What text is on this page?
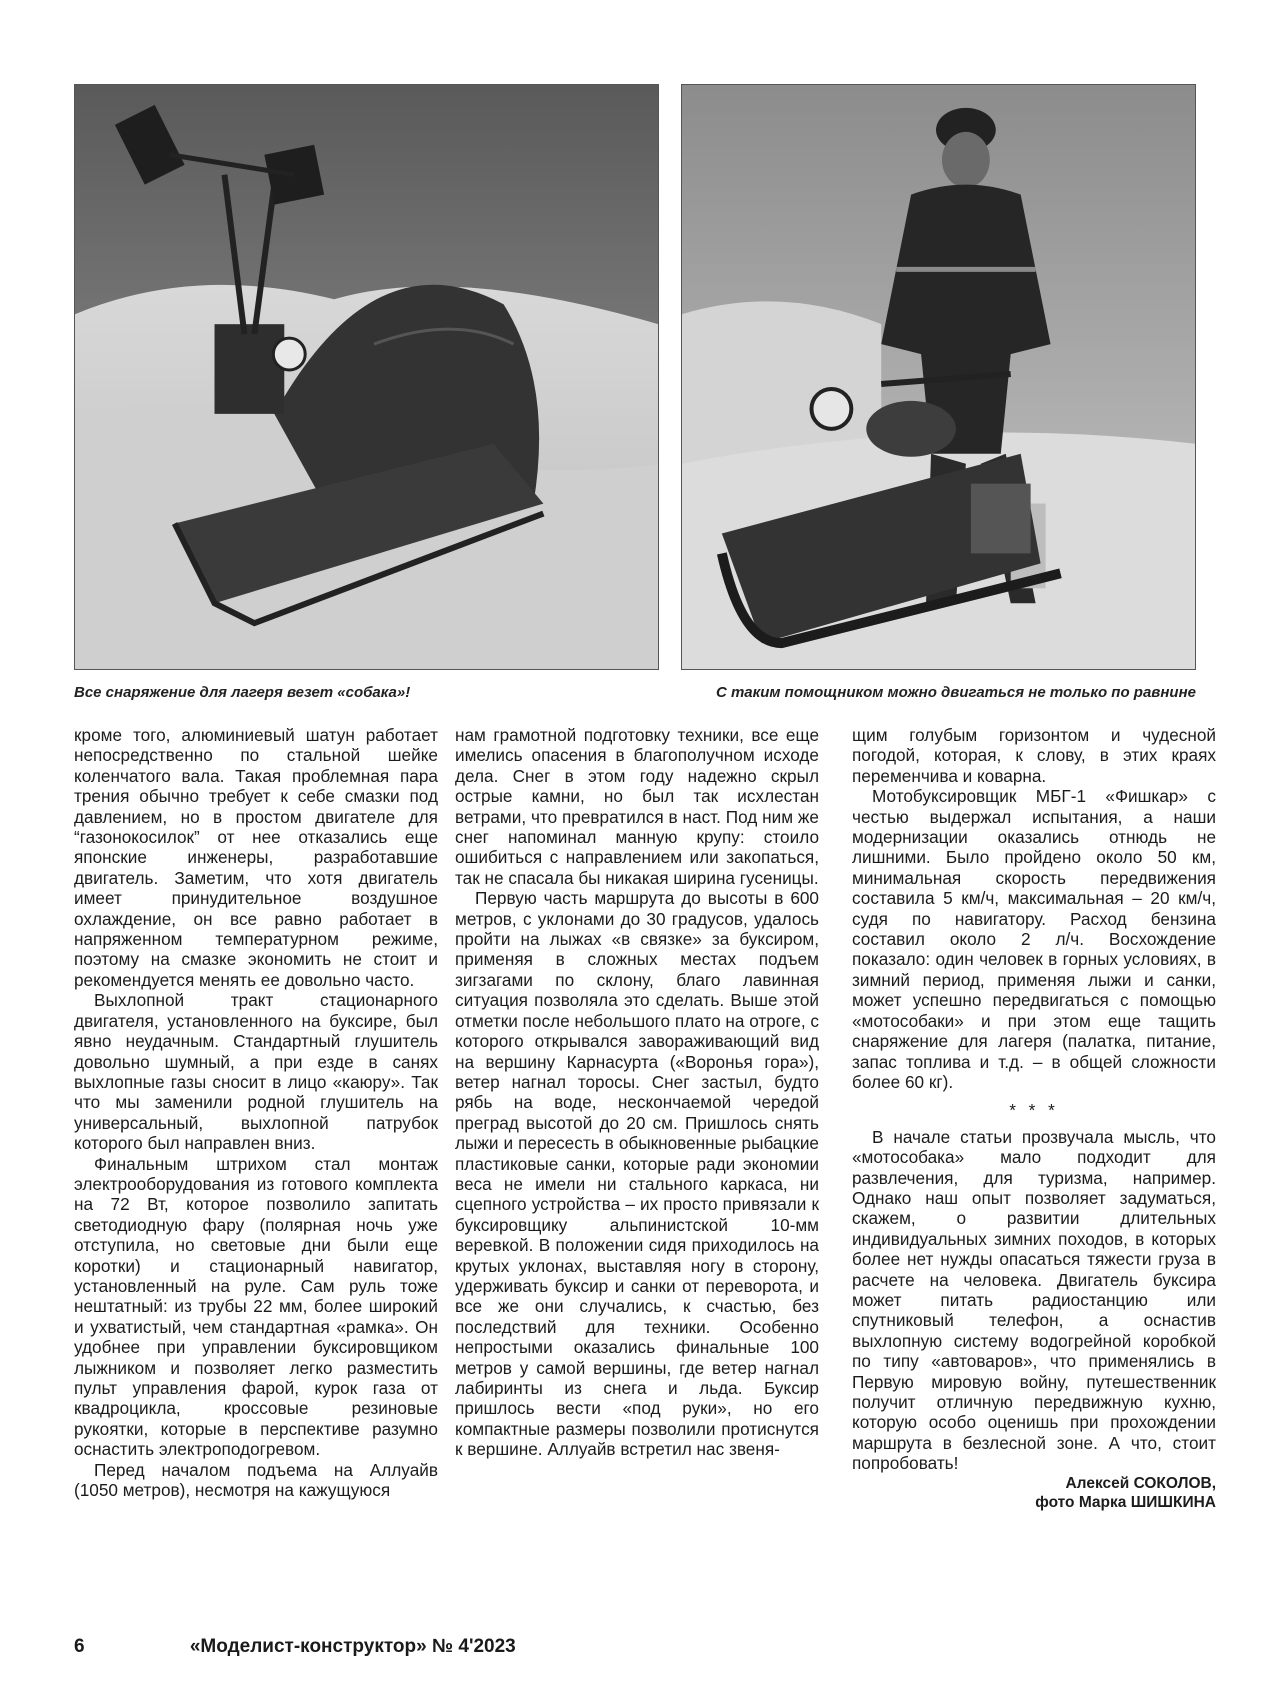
Все снаряжение для лагеря везет «собака»!	С таким помощником можно двигаться не только по равнине

кроме того, алюминиевый шатун работает непосредственно по стальной шейке коленчатого вала. Такая проблемная пара трения обычно требует к себе смазки под давлением, но в простом двигателе для “газонокосилок” от нее отказались еще японские инженеры, разработавшие двигатель. Заметим, что хотя двигатель имеет принудительное воздушное охлаждение, он все равно работает в напряженном температурном режиме, поэтому на смазке экономить не стоит и рекомендуется менять ее довольно часто.

Выхлопной тракт стационарного двигателя, установленного на буксире, был явно неудачным. Стандартный глушитель довольно шумный, а при езде в санях выхлопные газы сносит в лицо «каюру». Так что мы заменили родной глушитель на универсальный, выхлопной патрубок которого был направлен вниз.

Финальным штрихом стал монтаж электрооборудования из готового комплекта на 72 Вт, которое позволило запитать светодиодную фару (полярная ночь уже отступила, но световые дни были еще коротки) и стационарный навигатор, установленный на руле. Сам руль тоже нештатный: из трубы 22 мм, более широкий и ухватистый, чем стандартная «рамка». Он удобнее при управлении буксировщиком лыжником и позволяет легко разместить пульт управления фарой, курок газа от квадроцикла, кроссовые резиновые рукоятки, которые в перспективе разумно оснастить электроподогревом.

Перед началом подъема на Аллуайв (1050 метров), несмотря на кажущуюся

нам грамотной подготовку техники, все еще имелись опасения в благополучном исходе дела. Снег в этом году надежно скрыл острые камни, но был так исхлестан ветрами, что превратился в наст. Под ним же снег напоминал манную крупу: стоило ошибиться с направлением или закопаться, так не спасала бы никакая ширина гусеницы.

Первую часть маршрута до высоты в 600 метров, с уклонами до 30 градусов, удалось пройти на лыжах «в связке» за буксиром, применяя в сложных местах подъем зигзагами по склону, благо лавинная ситуация позволяла это сделать. Выше этой отметки после небольшого плато на отроге, с которого открывался завораживающий вид на вершину Карнасурта («Воронья гора»), ветер нагнал торосы. Снег застыл, будто рябь на воде, нескончаемой чередой преград высотой до 20 см. Пришлось снять лыжи и пересесть в обыкновенные рыбацкие пластиковые санки, которые ради экономии веса не имели ни стального каркаса, ни сцепного устройства – их просто привязали к буксировщику альпинистской 10-мм веревкой. В положении сидя приходилось на крутых уклонах, выставляя ногу в сторону, удерживать буксир и санки от переворота, и все же они случались, к счастью, без последствий для техники. Особенно непростыми оказались финальные 100 метров у самой вершины, где ветер нагнал лабиринты из снега и льда. Буксир пришлось вести «под руки», но его компактные размеры позволили протиснутся к вершине. Аллуайв встретил нас звеня-

щим голубым горизонтом и чудесной погодой, которая, к слову, в этих краях переменчива и коварна.

Мотобуксировщик МБГ-1 «Фишкар» с честью выдержал испытания, а наши модернизации оказались отнюдь не лишними. Было пройдено около 50 км, минимальная скорость передвижения составила 5 км/ч, максимальная – 20 км/ч, судя по навигатору. Расход бензина составил около 2 л/ч. Восхождение показало: один человек в горных условиях, в зимний период, применяя лыжи и санки, может успешно передвигаться с помощью «мотособаки» и при этом еще тащить снаряжение для лагеря (палатка, питание, запас топлива и т.д. – в общей сложности более 60 кг).

* * *

В начале статьи прозвучала мысль, что «мотособака» мало подходит для развлечения, для туризма, например. Однако наш опыт позволяет задуматься, скажем, о развитии длительных индивидуальных зимних походов, в которых более нет нужды опасаться тяжести груза в расчете на человека. Двигатель буксира может питать радиостанцию или спутниковый телефон, а оснастив выхлопную систему водогрейной коробкой по типу «автоваров», что применялись в Первую мировую войну, путешественник получит отличную передвижную кухню, которую особо оценишь при прохождении маршрута в безлесной зоне. А что, стоит попробовать!

Алексей СОКОЛОВ,

фото Марка ШИШКИНА

6	«Моделист-конструктор» № 4'2023
